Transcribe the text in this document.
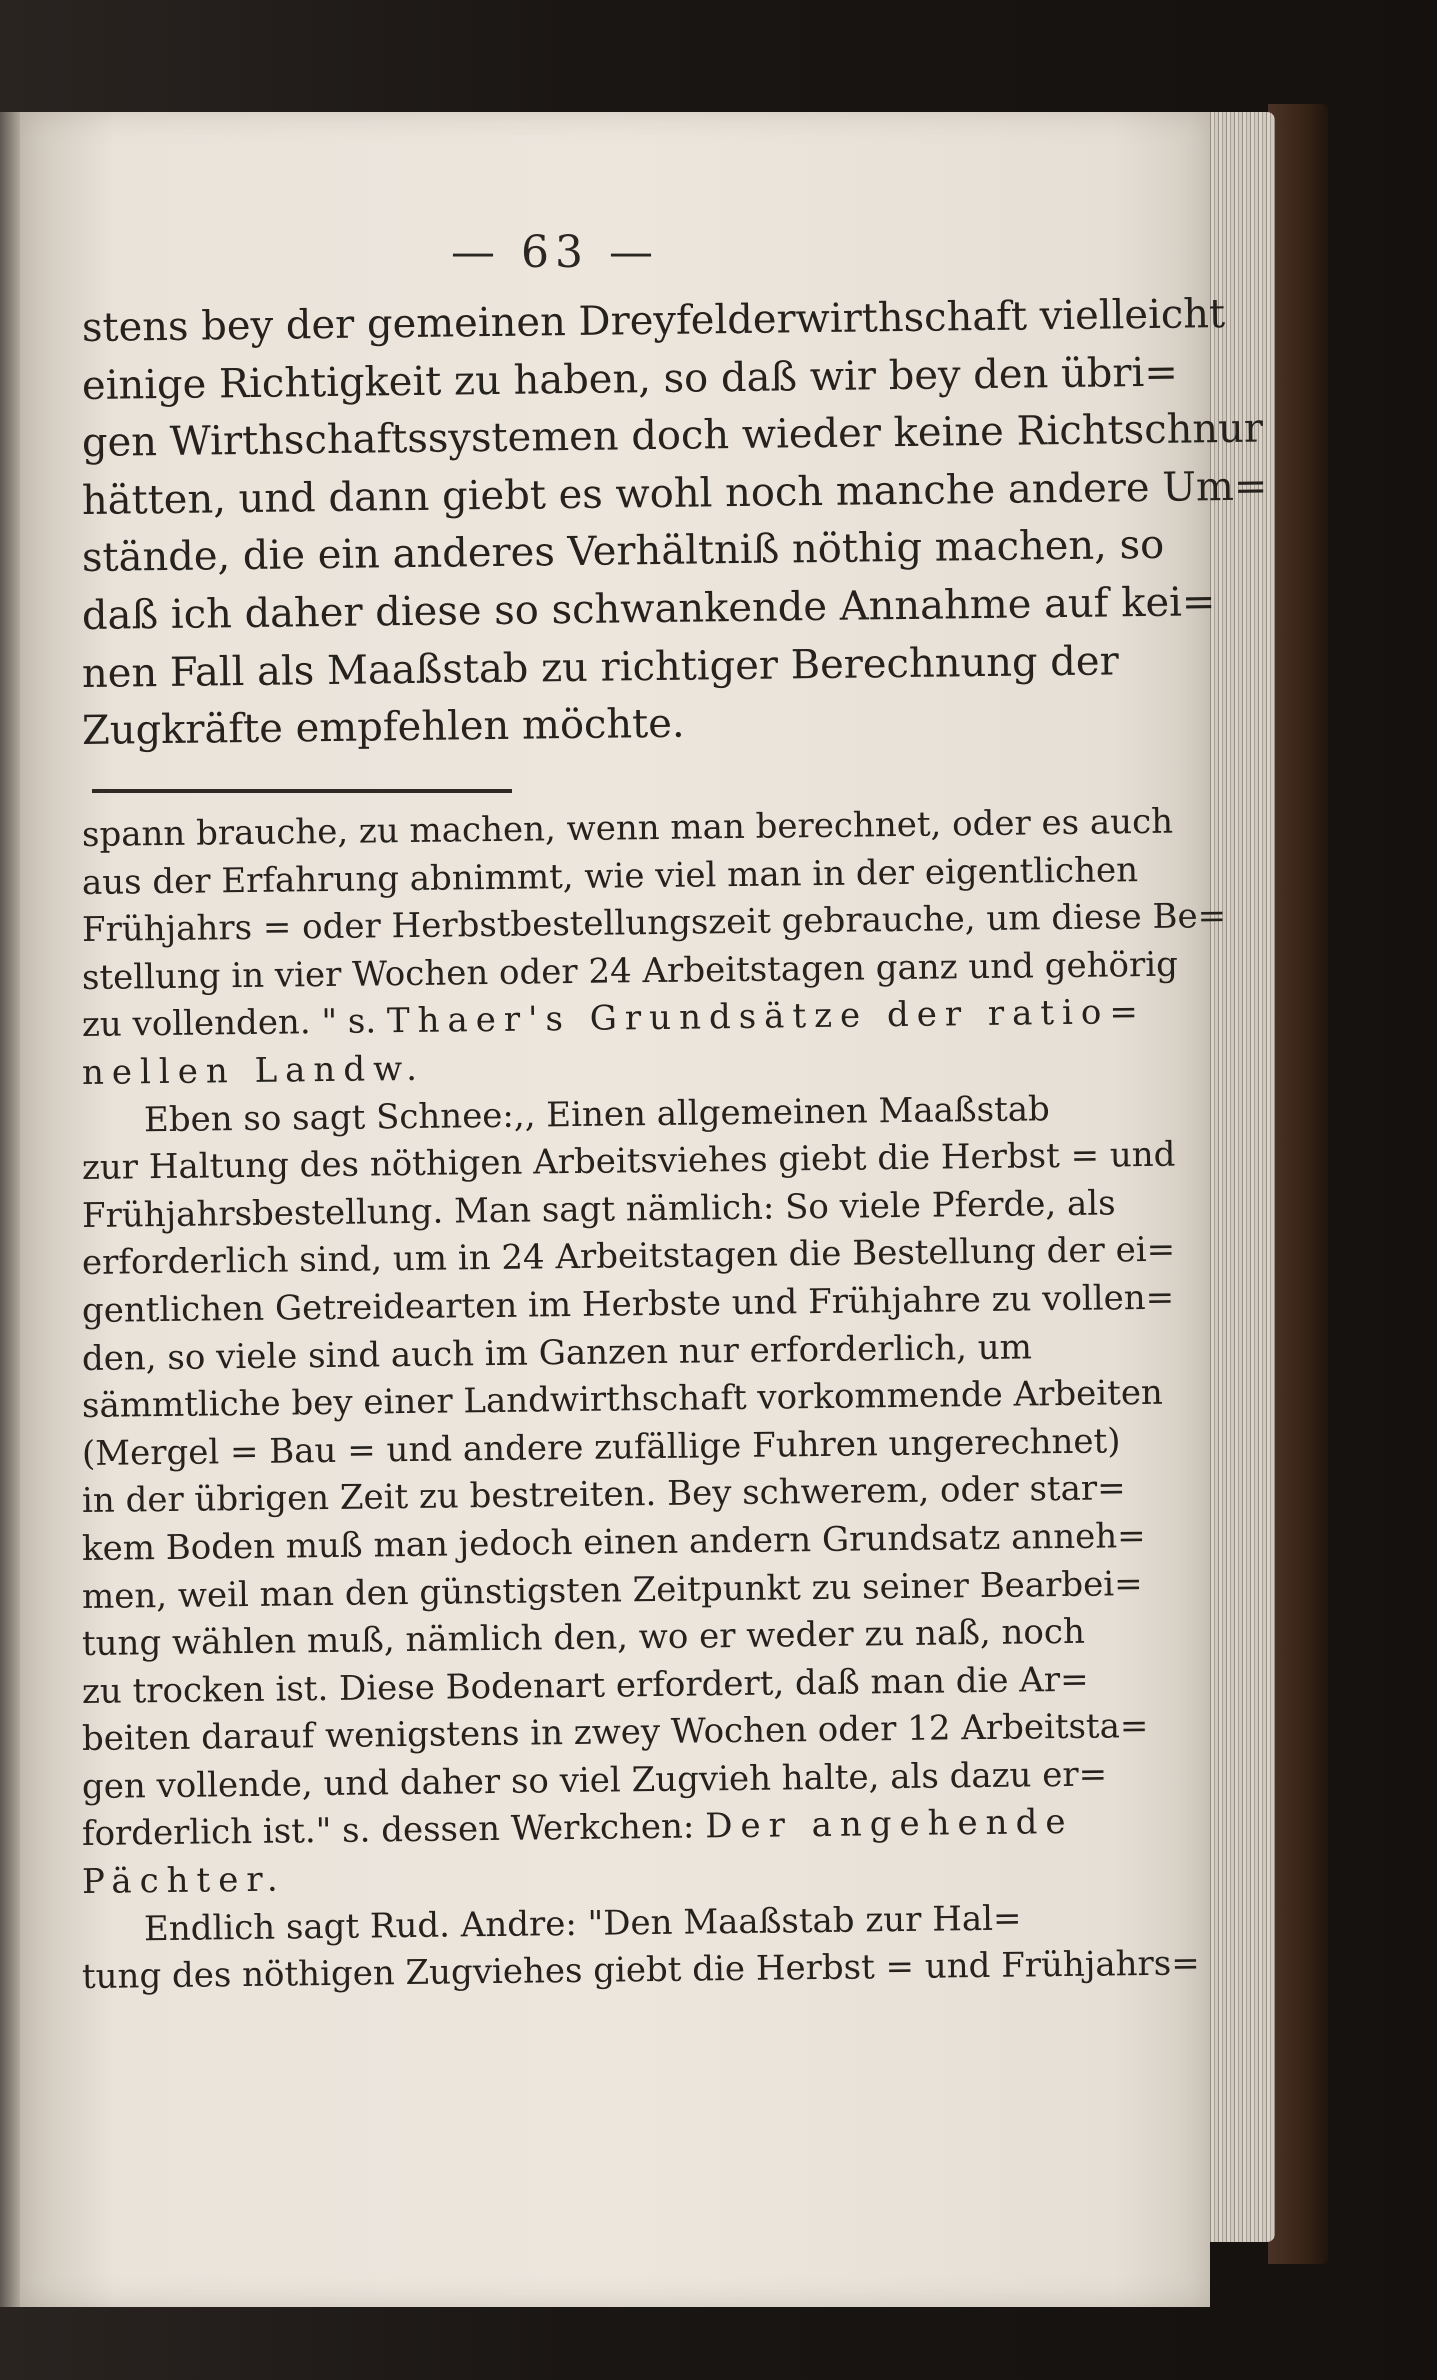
— 63 —
stens bey der gemeinen Dreyfelderwirthschaft vielleicht
einige Richtigkeit zu haben, so daß wir bey den übri=
gen Wirthschaftssystemen doch wieder keine Richtschnur
hätten, und dann giebt es wohl noch manche andere Um=
stände, die ein anderes Verhältniß nöthig machen, so
daß ich daher diese so schwankende Annahme auf kei=
nen Fall als Maaßstab zu richtiger Berechnung der
Zugkräfte empfehlen möchte.
spann brauche, zu machen, wenn man berechnet, oder es auch
aus der Erfahrung abnimmt, wie viel man in der eigentlichen
Frühjahrs = oder Herbstbestellungszeit gebrauche, um diese Be=
stellung in vier Wochen oder 24 Arbeitstagen ganz und gehörig
zu vollenden. " s. Thaer's Grundsätze der ratio=
nellen Landw.
Eben so sagt Schnee:,, Einen allgemeinen Maaßstab
zur Haltung des nöthigen Arbeitsviehes giebt die Herbst = und
Frühjahrsbestellung. Man sagt nämlich: So viele Pferde, als
erforderlich sind, um in 24 Arbeitstagen die Bestellung der ei=
gentlichen Getreidearten im Herbste und Frühjahre zu vollen=
den, so viele sind auch im Ganzen nur erforderlich, um
sämmtliche bey einer Landwirthschaft vorkommende Arbeiten
(Mergel = Bau = und andere zufällige Fuhren ungerechnet)
in der übrigen Zeit zu bestreiten. Bey schwerem, oder star=
kem Boden muß man jedoch einen andern Grundsatz anneh=
men, weil man den günstigsten Zeitpunkt zu seiner Bearbei=
tung wählen muß, nämlich den, wo er weder zu naß, noch
zu trocken ist. Diese Bodenart erfordert, daß man die Ar=
beiten darauf wenigstens in zwey Wochen oder 12 Arbeitsta=
gen vollende, und daher so viel Zugvieh halte, als dazu er=
forderlich ist." s. dessen Werkchen: Der angehende
Pächter.
Endlich sagt Rud. Andre: "Den Maaßstab zur Hal=
tung des nöthigen Zugviehes giebt die Herbst = und Frühjahrs=
